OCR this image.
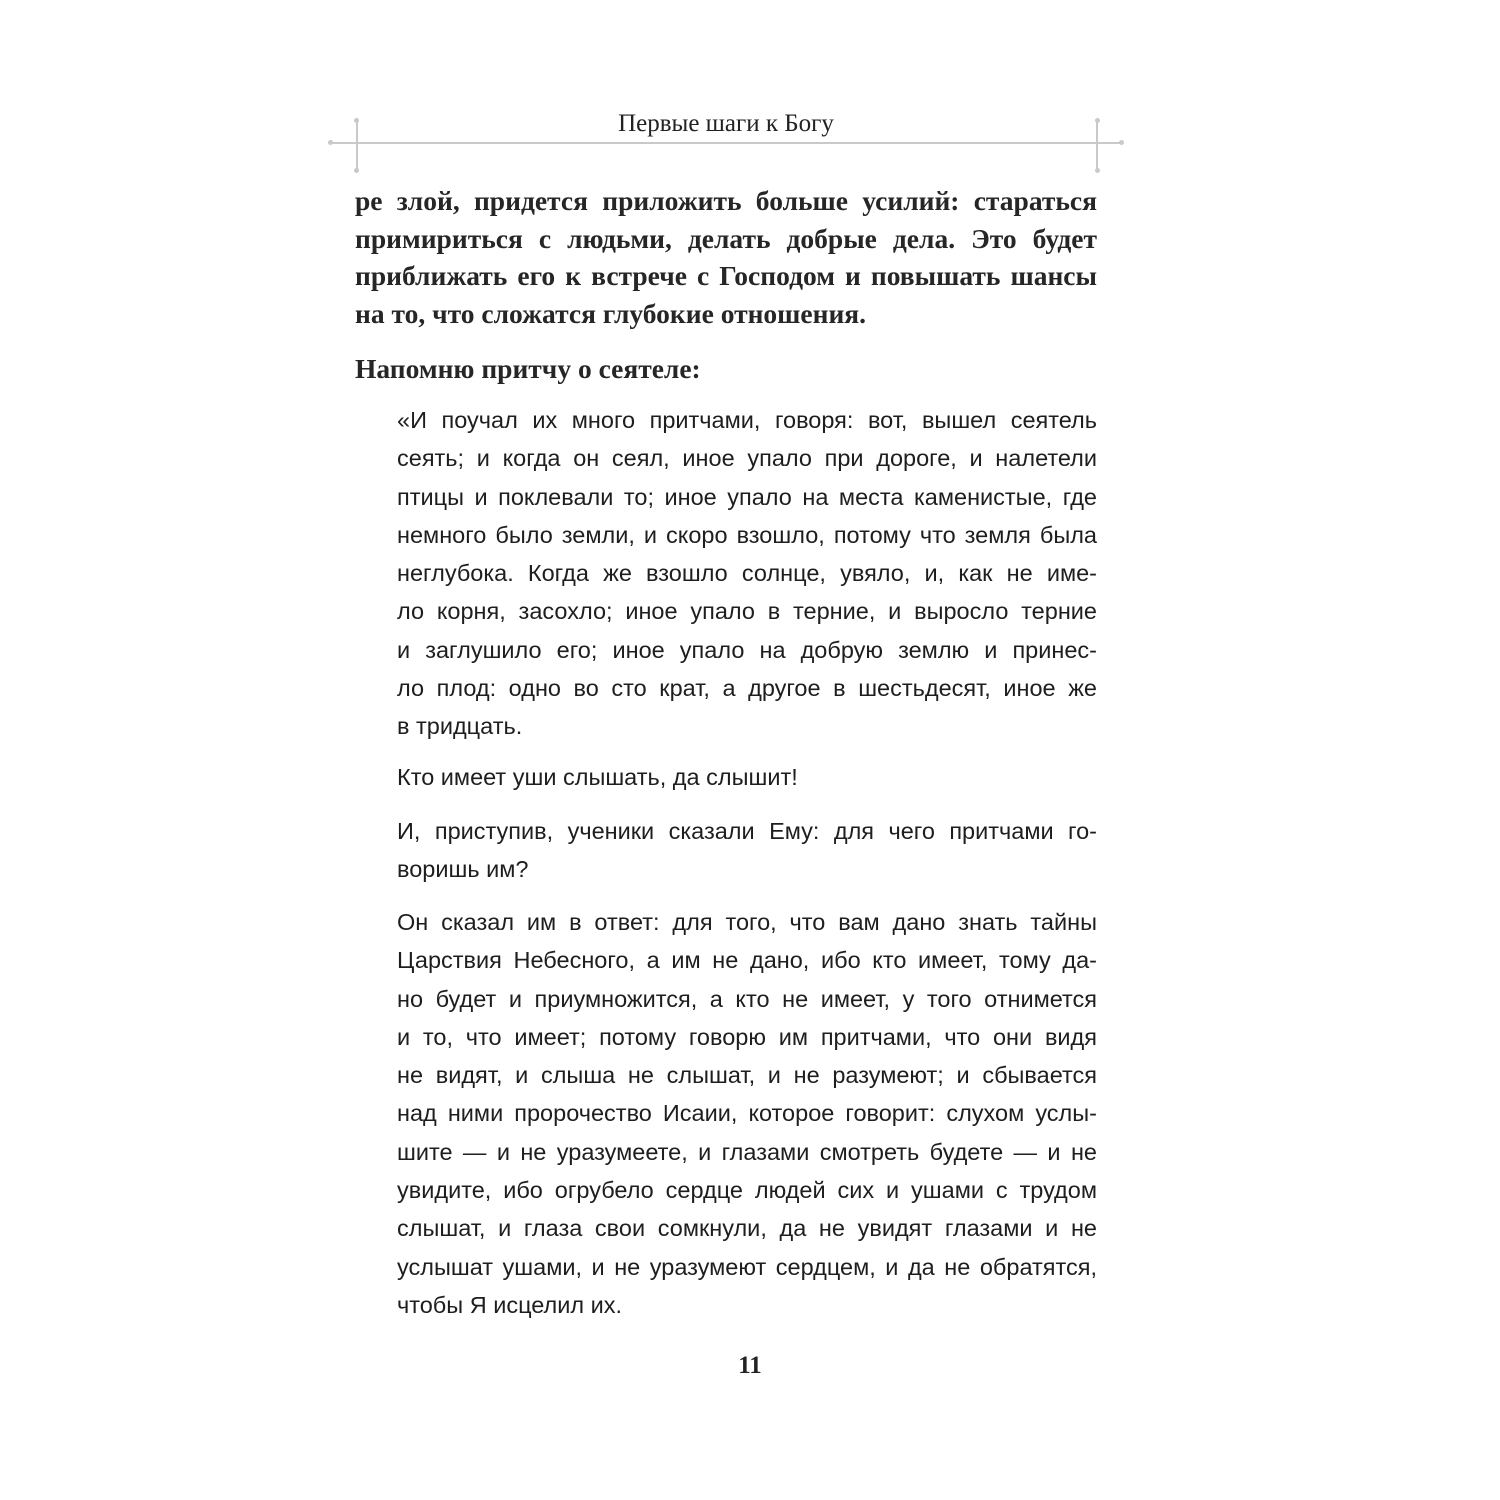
Первые шаги к Богу
ре злой, придется приложить больше усилий: стараться
примириться с людьми, делать добрые дела. Это будет
приближать его к встрече с Господом и повышать шансы
на то, что сложатся глубокие отношения.
Напомню притчу о сеятеле:
«И поучал их много притчами, говоря: вот, вышел сеятель
сеять; и когда он сеял, иное упало при дороге, и налетели
птицы и поклевали то; иное упало на места каменистые, где
немного было земли, и скоро взошло, потому что земля была
неглубока. Когда же взошло солнце, увяло, и, как не име-
ло корня, засохло; иное упало в терние, и выросло терние
и заглушило его; иное упало на добрую землю и принес-
ло плод: одно во сто крат, а другое в шестьдесят, иное же
в тридцать.
Кто имеет уши слышать, да слышит!
И, приступив, ученики сказали Ему: для чего притчами го-
воришь им?
Он сказал им в ответ: для того, что вам дано знать тайны
Царствия Небесного, а им не дано, ибо кто имеет, тому да-
но будет и приумножится, а кто не имеет, у того отнимется
и то, что имеет; потому говорю им притчами, что они видя
не видят, и слыша не слышат, и не разумеют; и сбывается
над ними пророчество Исаии, которое говорит: слухом услы-
шите — и не уразумеете, и глазами смотреть будете — и не
увидите, ибо огрубело сердце людей сих и ушами с трудом
слышат, и глаза свои сомкнули, да не увидят глазами и не
услышат ушами, и не уразумеют сердцем, и да не обратятся,
чтобы Я исцелил их.
11
